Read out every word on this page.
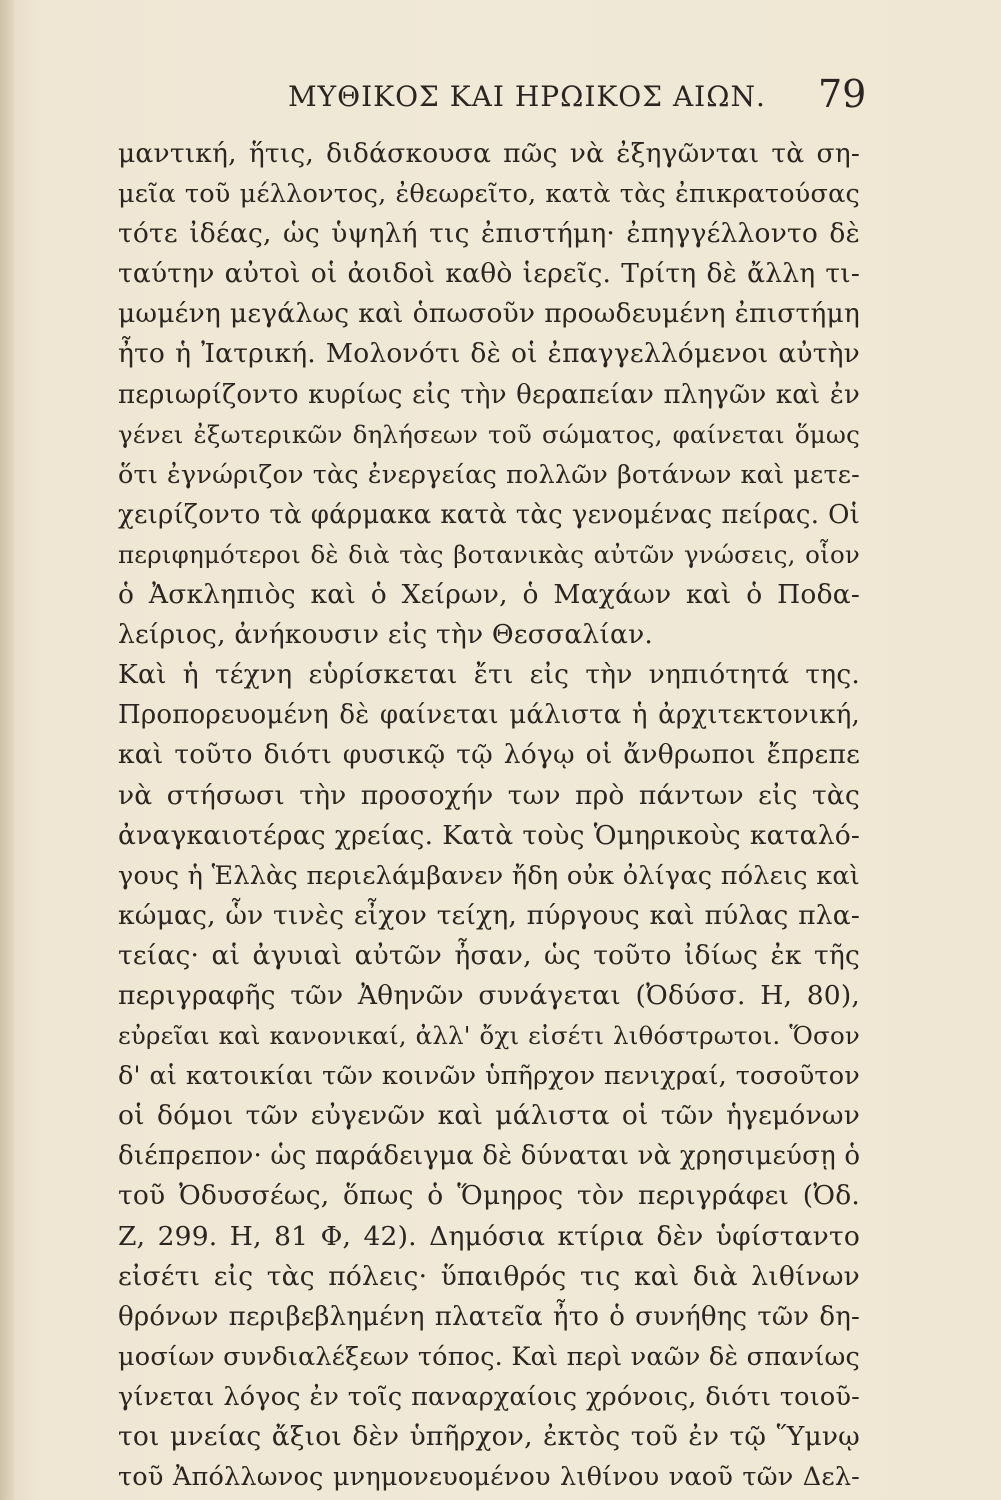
ΜΥΘΙΚΟΣ ΚΑΙ ΗΡΩΙΚΟΣ ΑΙΩΝ. 79
μαντική, ἥτις, διδάσκουσα πῶς νὰ ἐξηγῶνται τὰ ση-
μεῖα τοῦ μέλλοντος, ἐθεωρεῖτο, κατὰ τὰς ἐπικρατούσας
τότε ἰδέας, ὡς ὑψηλή τις ἐπιστήμη· ἐπηγγέλλοντο δὲ
ταύτην αὐτοὶ οἱ ἀοιδοὶ καθὸ ἱερεῖς. Τρίτη δὲ ἄλλη τι-
μωμένη μεγάλως καὶ ὁπωσοῦν προωδευμένη ἐπιστήμη
ἦτο ἡ Ἰατρική. Μολονότι δὲ οἱ ἐπαγγελλόμενοι αὐτὴν
περιωρίζοντο κυρίως εἰς τὴν θεραπείαν πληγῶν καὶ ἐν
γένει ἐξωτερικῶν δηλήσεων τοῦ σώματος, φαίνεται ὅμως
ὅτι ἐγνώριζον τὰς ἐνεργείας πολλῶν βοτάνων καὶ μετε-
χειρίζοντο τὰ φάρμακα κατὰ τὰς γενομένας πείρας. Οἱ
περιφημότεροι δὲ διὰ τὰς βοτανικὰς αὐτῶν γνώσεις, οἷον
ὁ Ἀσκληπιὸς καὶ ὁ Χείρων, ὁ Μαχάων καὶ ὁ Ποδα-
λείριος, ἀνήκουσιν εἰς τὴν Θεσσαλίαν.
Καὶ ἡ τέχνη εὑρίσκεται ἔτι εἰς τὴν νηπιότητά της.
Προπορευομένη δὲ φαίνεται μάλιστα ἡ ἀρχιτεκτονική,
καὶ τοῦτο διότι φυσικῷ τῷ λόγῳ οἱ ἄνθρωποι ἔπρεπε
νὰ στήσωσι τὴν προσοχήν των πρὸ πάντων εἰς τὰς
ἀναγκαιοτέρας χρείας. Κατὰ τοὺς Ὁμηρικοὺς καταλό-
γους ἡ Ἑλλὰς περιελάμβανεν ἤδη οὐκ ὀλίγας πόλεις καὶ
κώμας, ὧν τινὲς εἶχον τείχη, πύργους καὶ πύλας πλα-
τείας· αἱ ἀγυιαὶ αὐτῶν ἦσαν, ὡς τοῦτο ἰδίως ἐκ τῆς
περιγραφῆς τῶν Ἀθηνῶν συνάγεται (Ὀδύσσ. Η, 80),
εὐρεῖαι καὶ κανονικαί, ἀλλ' ὄχι εἰσέτι λιθόστρωτοι. Ὅσον
δ' αἱ κατοικίαι τῶν κοινῶν ὑπῆρχον πενιχραί, τοσοῦτον
οἱ δόμοι τῶν εὐγενῶν καὶ μάλιστα οἱ τῶν ἡγεμόνων
διέπρεπον· ὡς παράδειγμα δὲ δύναται νὰ χρησιμεύσῃ ὁ
τοῦ Ὀδυσσέως, ὅπως ὁ Ὅμηρος τὸν περιγράφει (Ὀδ.
Ζ, 299. Η, 81 Φ, 42). Δημόσια κτίρια δὲν ὑφίσταντο
εἰσέτι εἰς τὰς πόλεις· ὕπαιθρός τις καὶ διὰ λιθίνων
θρόνων περιβεβλημένη πλατεῖα ἦτο ὁ συνήθης τῶν δη-
μοσίων συνδιαλέξεων τόπος. Καὶ περὶ ναῶν δὲ σπανίως
γίνεται λόγος ἐν τοῖς παναρχαίοις χρόνοις, διότι τοιοῦ-
τοι μνείας ἄξιοι δὲν ὑπῆρχον, ἐκτὸς τοῦ ἐν τῷ Ὕμνῳ
τοῦ Ἀπόλλωνος μνημονευομένου λιθίνου ναοῦ τῶν Δελ-
